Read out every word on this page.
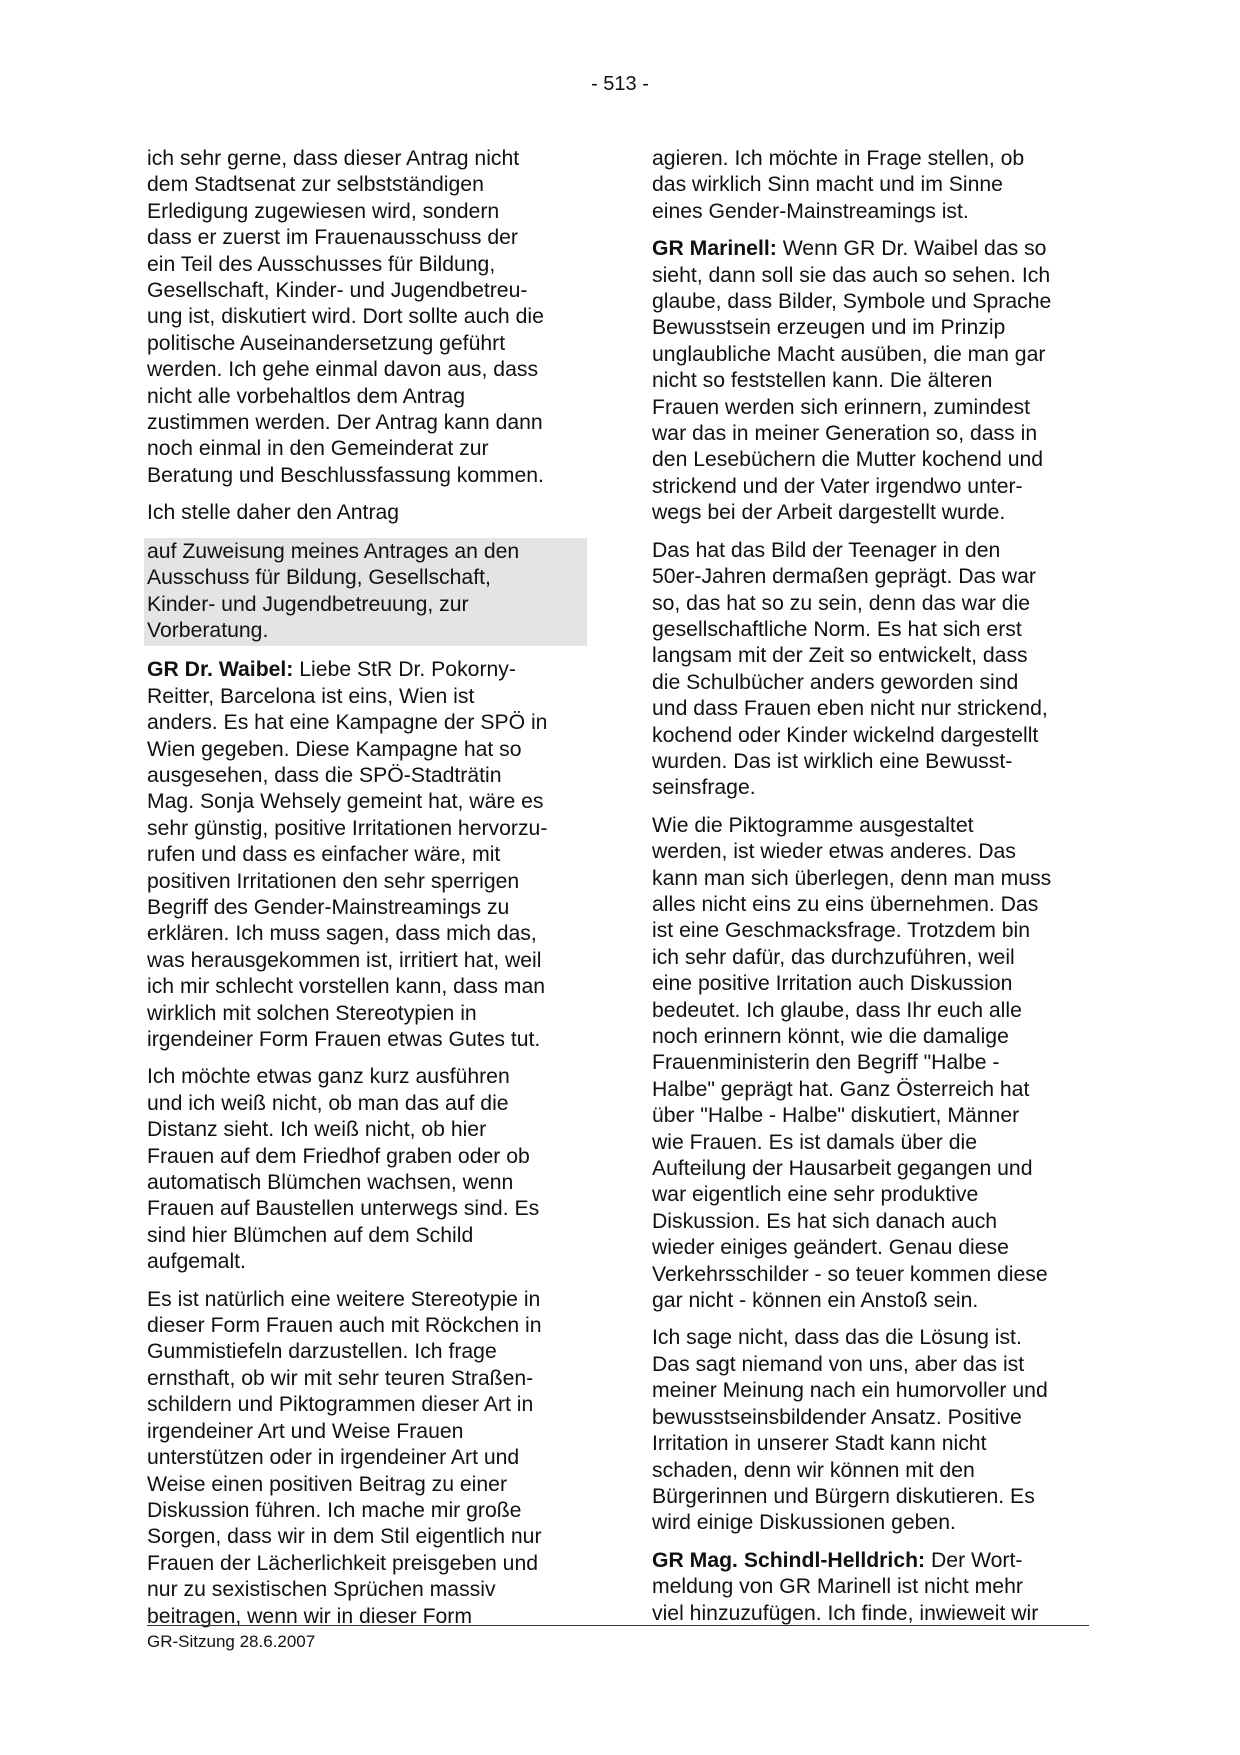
- 513 -

ich sehr gerne, dass dieser Antrag nicht
dem Stadtsenat zur selbstständigen
Erledigung zugewiesen wird, sondern
dass er zuerst im Frauenausschuss der
ein Teil des Ausschusses für Bildung,
Gesellschaft, Kinder- und Jugendbetreu-
ung ist, diskutiert wird. Dort sollte auch die
politische Auseinandersetzung geführt
werden. Ich gehe einmal davon aus, dass
nicht alle vorbehaltlos dem Antrag
zustimmen werden. Der Antrag kann dann
noch einmal in den Gemeinderat zur
Beratung und Beschlussfassung kommen.

Ich stelle daher den Antrag

auf Zuweisung meines Antrages an den
Ausschuss für Bildung, Gesellschaft,
Kinder- und Jugendbetreuung, zur
Vorberatung.

GR Dr. Waibel: Liebe StR Dr. Pokorny-
Reitter, Barcelona ist eins, Wien ist
anders. Es hat eine Kampagne der SPÖ in
Wien gegeben. Diese Kampagne hat so
ausgesehen, dass die SPÖ-Stadträtin
Mag. Sonja Wehsely gemeint hat, wäre es
sehr günstig, positive Irritationen hervorzu-
rufen und dass es einfacher wäre, mit
positiven Irritationen den sehr sperrigen
Begriff des Gender-Mainstreamings zu
erklären. Ich muss sagen, dass mich das,
was herausgekommen ist, irritiert hat, weil
ich mir schlecht vorstellen kann, dass man
wirklich mit solchen Stereotypien in
irgendeiner Form Frauen etwas Gutes tut.

Ich möchte etwas ganz kurz ausführen
und ich weiß nicht, ob man das auf die
Distanz sieht. Ich weiß nicht, ob hier
Frauen auf dem Friedhof graben oder ob
automatisch Blümchen wachsen, wenn
Frauen auf Baustellen unterwegs sind. Es
sind hier Blümchen auf dem Schild
aufgemalt.

Es ist natürlich eine weitere Stereotypie in
dieser Form Frauen auch mit Röckchen in
Gummistiefeln darzustellen. Ich frage
ernsthaft, ob wir mit sehr teuren Straßen-
schildern und Piktogrammen dieser Art in
irgendeiner Art und Weise Frauen
unterstützen oder in irgendeiner Art und
Weise einen positiven Beitrag zu einer
Diskussion führen. Ich mache mir große
Sorgen, dass wir in dem Stil eigentlich nur
Frauen der Lächerlichkeit preisgeben und
nur zu sexistischen Sprüchen massiv
beitragen, wenn wir in dieser Form

agieren. Ich möchte in Frage stellen, ob
das wirklich Sinn macht und im Sinne
eines Gender-Mainstreamings ist.

GR Marinell: Wenn GR Dr. Waibel das so
sieht, dann soll sie das auch so sehen. Ich
glaube, dass Bilder, Symbole und Sprache
Bewusstsein erzeugen und im Prinzip
unglaubliche Macht ausüben, die man gar
nicht so feststellen kann. Die älteren
Frauen werden sich erinnern, zumindest
war das in meiner Generation so, dass in
den Lesebüchern die Mutter kochend und
strickend und der Vater irgendwo unter-
wegs bei der Arbeit dargestellt wurde.

Das hat das Bild der Teenager in den
50er-Jahren dermaßen geprägt. Das war
so, das hat so zu sein, denn das war die
gesellschaftliche Norm. Es hat sich erst
langsam mit der Zeit so entwickelt, dass
die Schulbücher anders geworden sind
und dass Frauen eben nicht nur strickend,
kochend oder Kinder wickelnd dargestellt
wurden. Das ist wirklich eine Bewusst-
seinsfrage.

Wie die Piktogramme ausgestaltet
werden, ist wieder etwas anderes. Das
kann man sich überlegen, denn man muss
alles nicht eins zu eins übernehmen. Das
ist eine Geschmacksfrage. Trotzdem bin
ich sehr dafür, das durchzuführen, weil
eine positive Irritation auch Diskussion
bedeutet. Ich glaube, dass Ihr euch alle
noch erinnern könnt, wie die damalige
Frauenministerin den Begriff "Halbe -
Halbe" geprägt hat. Ganz Österreich hat
über "Halbe - Halbe" diskutiert, Männer
wie Frauen. Es ist damals über die
Aufteilung der Hausarbeit gegangen und
war eigentlich eine sehr produktive
Diskussion. Es hat sich danach auch
wieder einiges geändert. Genau diese
Verkehrsschilder - so teuer kommen diese
gar nicht - können ein Anstoß sein.

Ich sage nicht, dass das die Lösung ist.
Das sagt niemand von uns, aber das ist
meiner Meinung nach ein humorvoller und
bewusstseinsbildender Ansatz. Positive
Irritation in unserer Stadt kann nicht
schaden, denn wir können mit den
Bürgerinnen und Bürgern diskutieren. Es
wird einige Diskussionen geben.

GR Mag. Schindl-Helldrich: Der Wort-
meldung von GR Marinell ist nicht mehr
viel hinzuzufügen. Ich finde, inwieweit wir

GR-Sitzung 28.6.2007
